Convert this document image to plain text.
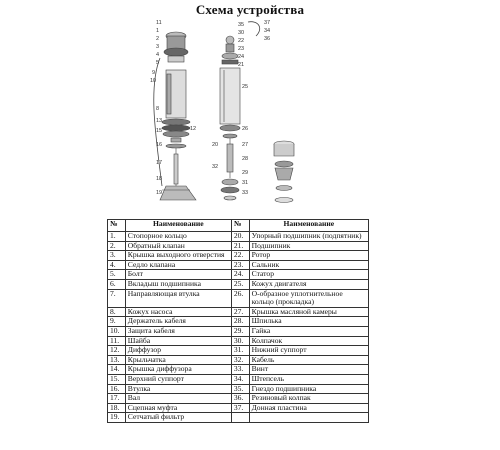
Схема устройства
11
1
2
3
4
5
9
10
8
13
15
16
17
18
19
12
35
30
22
23
24
21
25
26
27
28
29
31
33
37
34
36
20
32
№	Наименование	№	Наименование
1.	Стопорное кольцо	20.	Упорный подшипник (подпятник)
2.	Обратный клапан	21.	Подшипник
3.	Крышка выходного отверстия	22.	Ротор
4.	Седло клапана	23.	Сальник
5.	Болт	24.	Статор
6.	Вкладыш подшипника	25.	Кожух двигателя
7.	Направляющая втулка	26.	О-образное уплотнительное кольцо (прокладка)
8.	Кожух насоса	27.	Крышка масляной камеры
9.	Держатель кабеля	28.	Шпилька
10.	Защита кабеля	29.	Гайка
11.	Шайба	30.	Колпачок
12.	Диффузор	31.	Нижний суппорт
13.	Крыльчатка	32.	Кабель
14.	Крышка диффузора	33.	Винт
15.	Верхний суппорт	34.	Штепсель
16.	Втулка	35.	Гнездо подшипника
17.	Вал	36.	Резиновый колпак
18.	Сцепная муфта	37.	Донная пластина
19.	Сетчатый фильтр		
